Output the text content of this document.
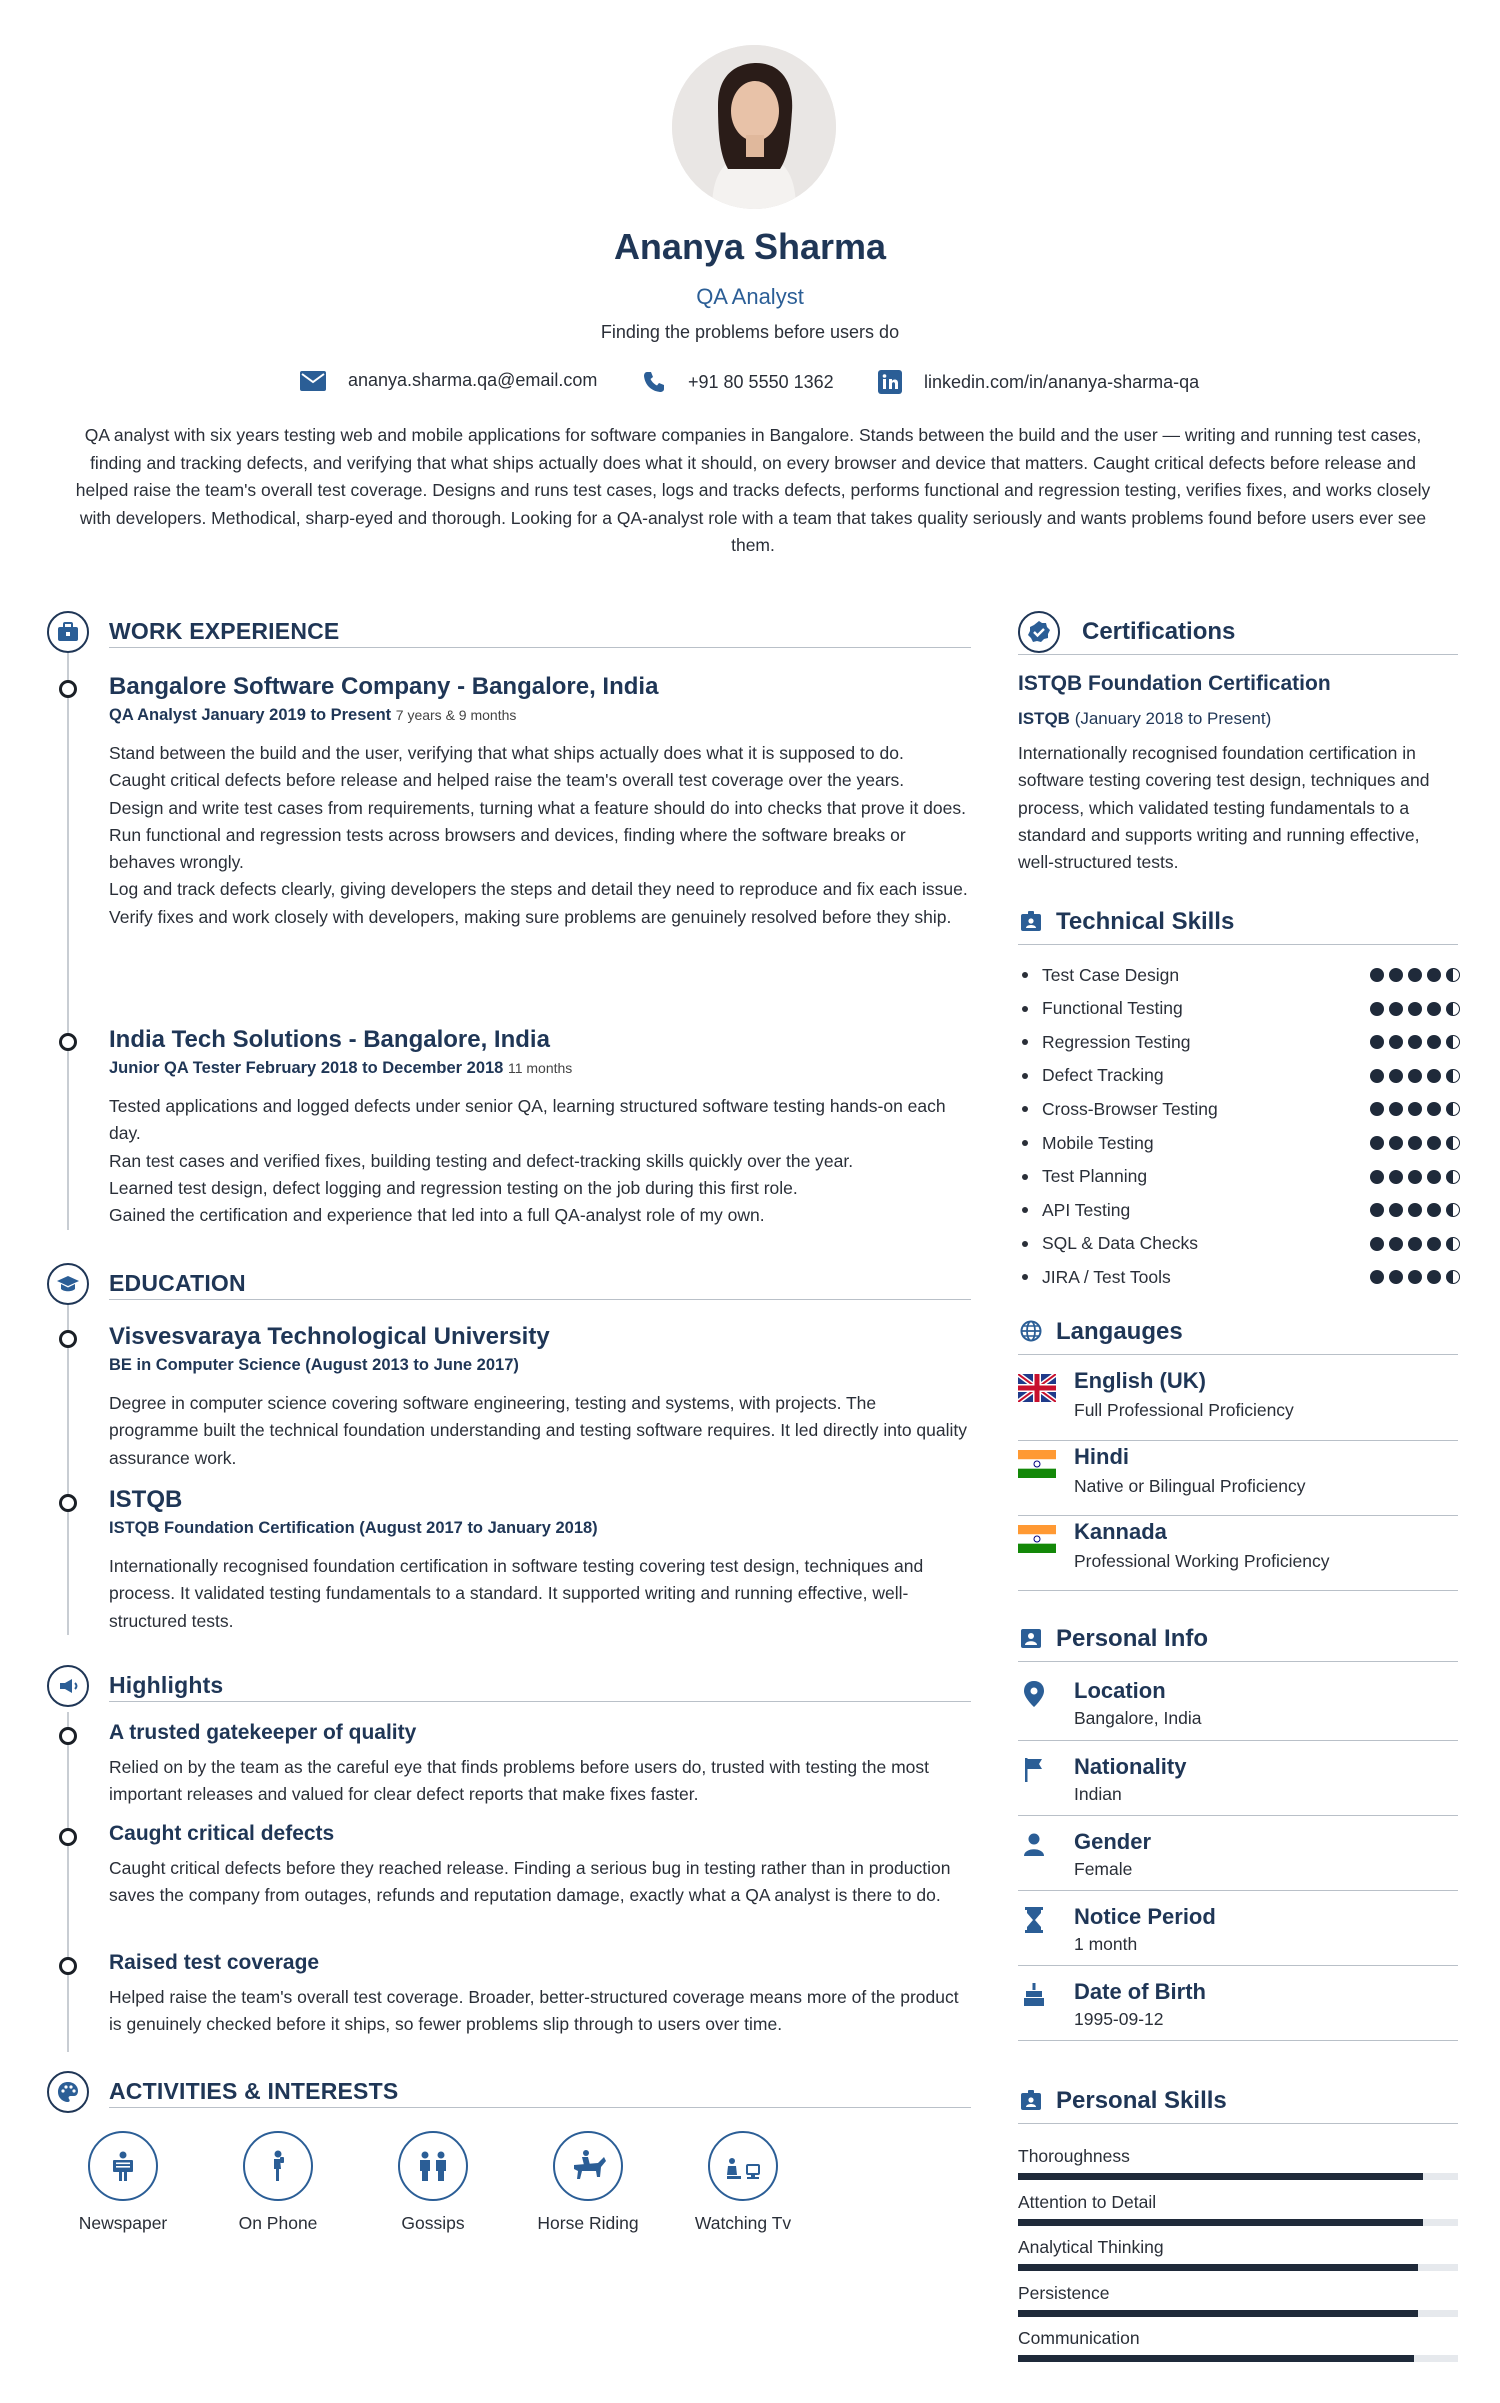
Ananya Sharma
QA Analyst
Finding the problems before users do
ananya.sharma.qa@email.com	+91 80 5550 1362	linkedin.com/in/ananya-sharma-qa
QA analyst with six years testing web and mobile applications for software companies in Bangalore. Stands between the build and the user — writing and running test cases, finding and tracking defects, and verifying that what ships actually does what it should, on every browser and device that matters. Caught critical defects before release and helped raise the team's overall test coverage. Designs and runs test cases, logs and tracks defects, performs functional and regression testing, verifies fixes, and works closely with developers. Methodical, sharp-eyed and thorough. Looking for a QA-analyst role with a team that takes quality seriously and wants problems found before users ever see them.
WORK EXPERIENCE
Bangalore Software Company - Bangalore, India
QA Analyst January 2019 to Present 7 years & 9 months
Stand between the build and the user, verifying that what ships actually does what it is supposed to do.
Caught critical defects before release and helped raise the team's overall test coverage over the years.
Design and write test cases from requirements, turning what a feature should do into checks that prove it does.
Run functional and regression tests across browsers and devices, finding where the software breaks or behaves wrongly.
Log and track defects clearly, giving developers the steps and detail they need to reproduce and fix each issue.
Verify fixes and work closely with developers, making sure problems are genuinely resolved before they ship.
India Tech Solutions - Bangalore, India
Junior QA Tester February 2018 to December 2018 11 months
Tested applications and logged defects under senior QA, learning structured software testing hands-on each day.
Ran test cases and verified fixes, building testing and defect-tracking skills quickly over the year.
Learned test design, defect logging and regression testing on the job during this first role.
Gained the certification and experience that led into a full QA-analyst role of my own.
EDUCATION
Visvesvaraya Technological University
BE in Computer Science (August 2013 to June 2017)
Degree in computer science covering software engineering, testing and systems, with projects. The programme built the technical foundation understanding and testing software requires. It led directly into quality assurance work.
ISTQB
ISTQB Foundation Certification (August 2017 to January 2018)
Internationally recognised foundation certification in software testing covering test design, techniques and process. It validated testing fundamentals to a standard. It supported writing and running effective, well-structured tests.
Highlights
A trusted gatekeeper of quality
Relied on by the team as the careful eye that finds problems before users do, trusted with testing the most important releases and valued for clear defect reports that make fixes faster.
Caught critical defects
Caught critical defects before they reached release. Finding a serious bug in testing rather than in production saves the company from outages, refunds and reputation damage, exactly what a QA analyst is there to do.
Raised test coverage
Helped raise the team's overall test coverage. Broader, better-structured coverage means more of the product is genuinely checked before it ships, so fewer problems slip through to users over time.
ACTIVITIES & INTERESTS
Newspaper	On Phone	Gossips	Horse Riding	Watching Tv
Certifications
ISTQB Foundation Certification
ISTQB (January 2018 to Present)
Internationally recognised foundation certification in software testing covering test design, techniques and process, which validated testing fundamentals to a standard and supports writing and running effective, well-structured tests.
Technical Skills
Test Case Design
Functional Testing
Regression Testing
Defect Tracking
Cross-Browser Testing
Mobile Testing
Test Planning
API Testing
SQL & Data Checks
JIRA / Test Tools
Langauges
English (UK)
Full Professional Proficiency
Hindi
Native or Bilingual Proficiency
Kannada
Professional Working Proficiency
Personal Info
Location
Bangalore, India
Nationality
Indian
Gender
Female
Notice Period
1 month
Date of Birth
1995-09-12
Personal Skills
Thoroughness
Attention to Detail
Analytical Thinking
Persistence
Communication
